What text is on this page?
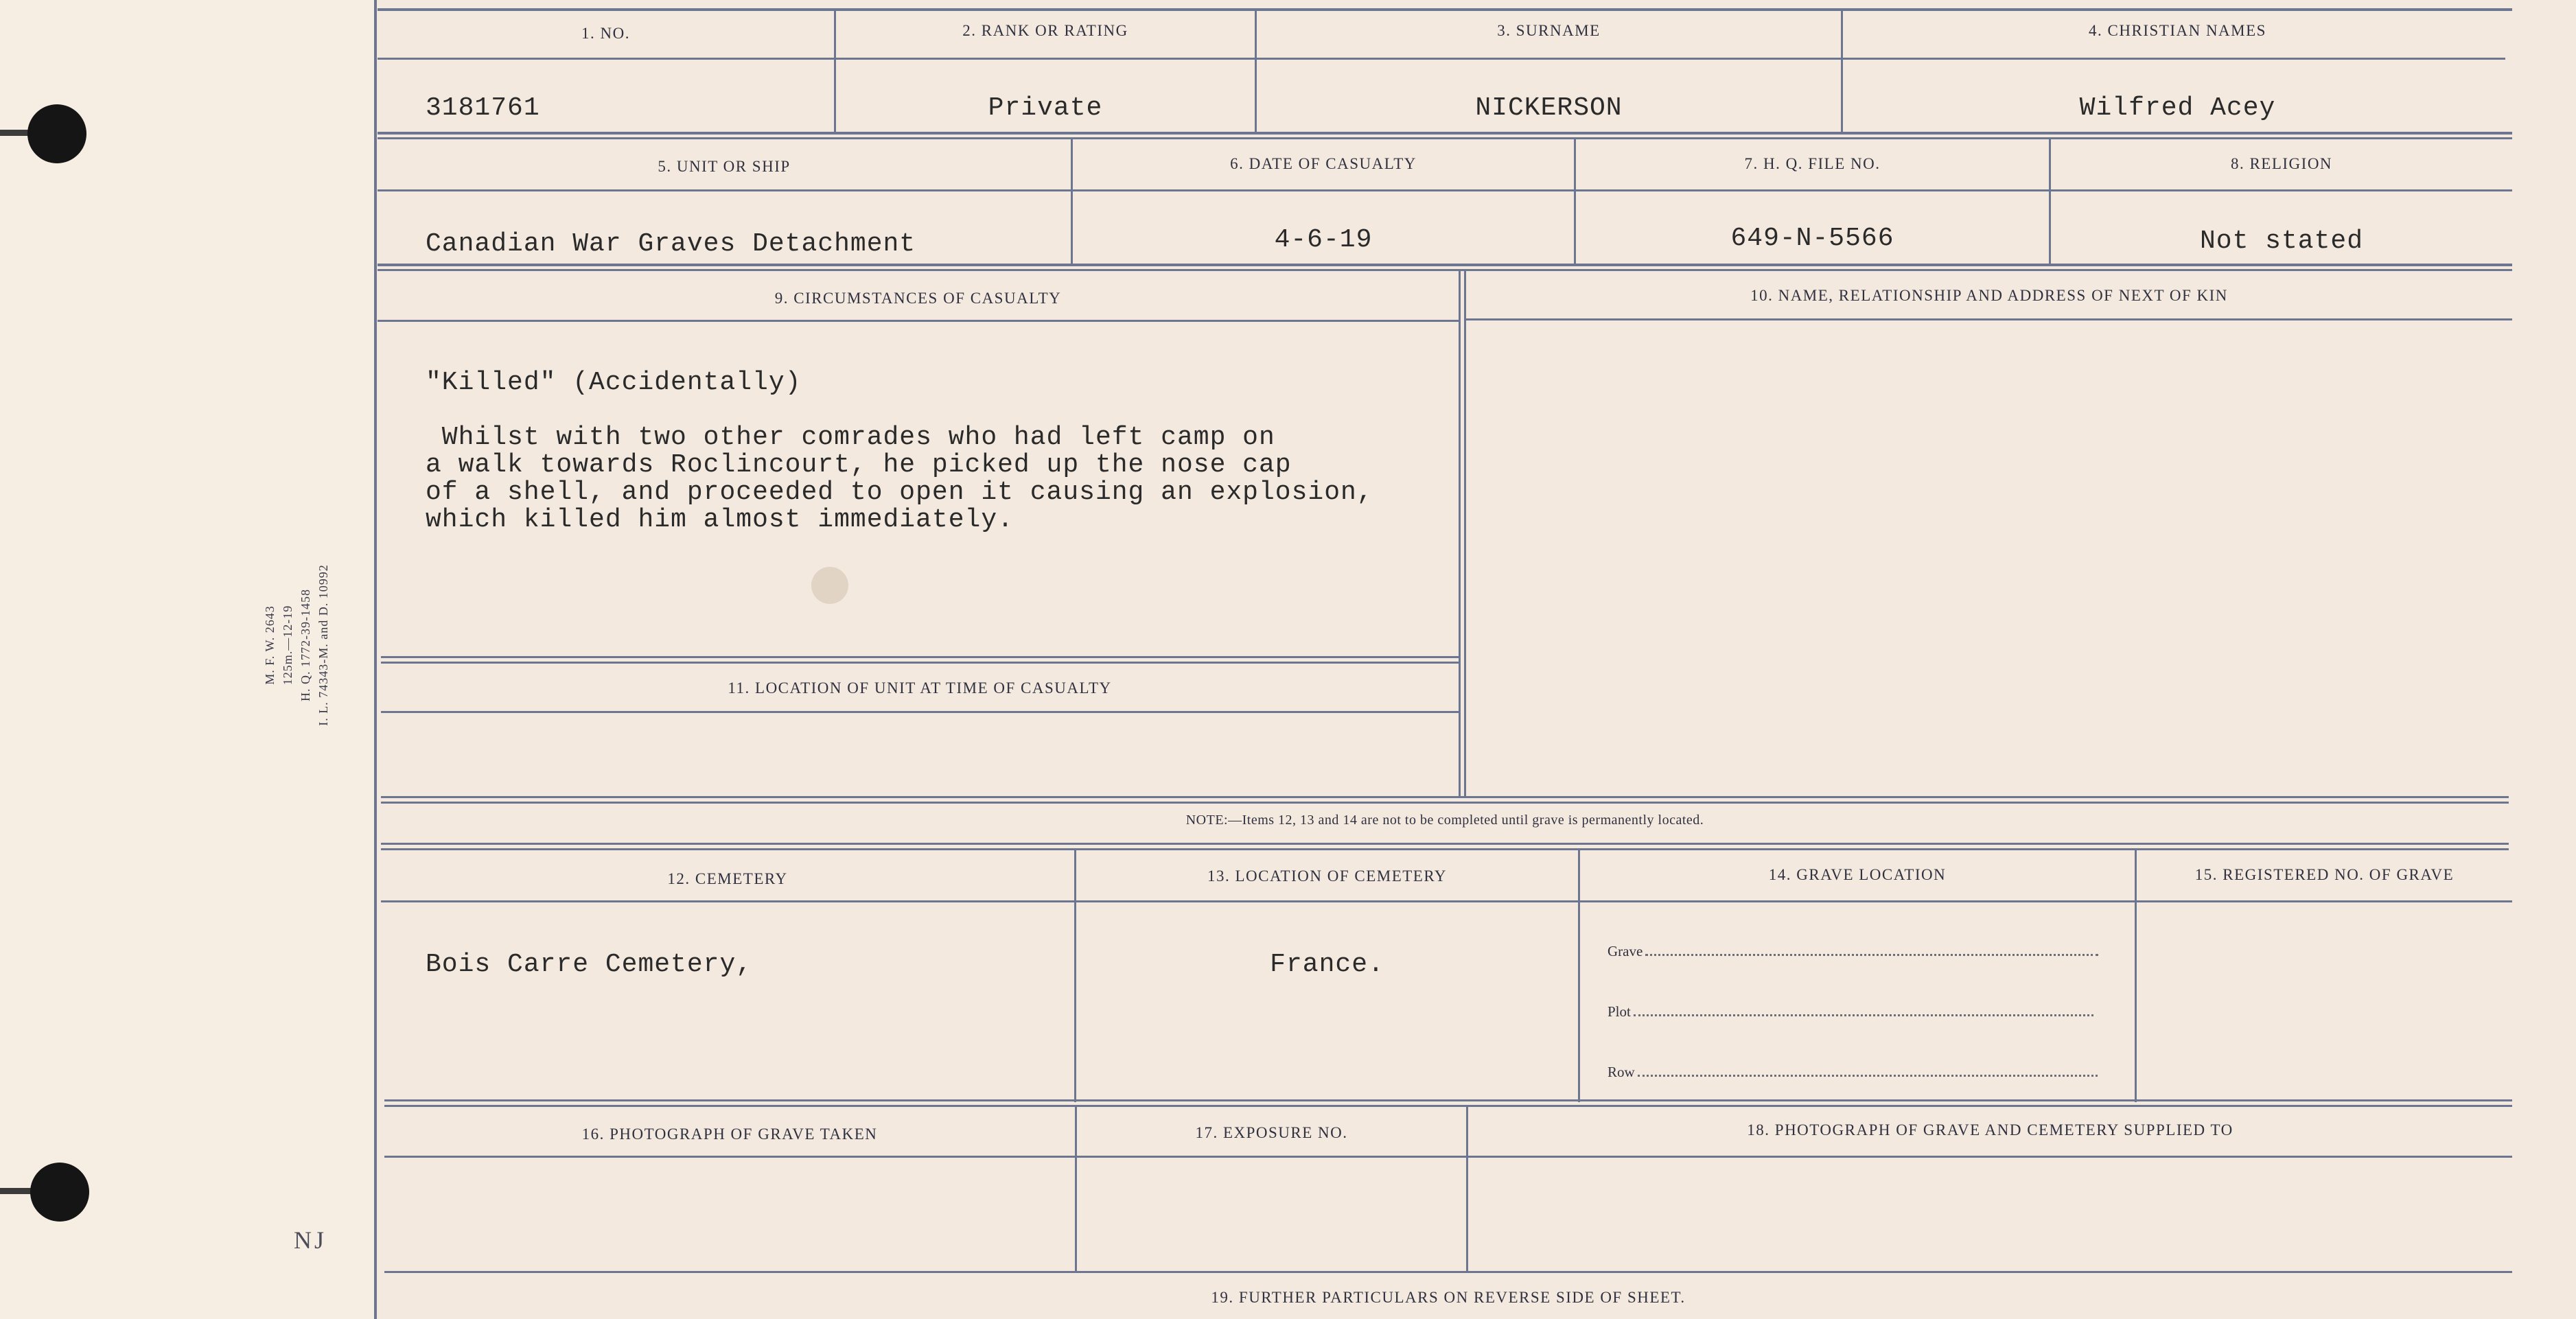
M. F. W. 2643 125m.—12-19 H. Q. 1772-39-1458 I. L. 74343-M. and D. 10992
NJ
1. NO.	2. RANK OR RATING	3. SURNAME	4. CHRISTIAN NAMES
3181761	Private	NICKERSON	Wilfred Acey
5. UNIT OR SHIP	6. DATE OF CASUALTY	7. H. Q. FILE NO.	8. RELIGION
Canadian War Graves Detachment	4-6-19	649-N-5566	Not stated
9. CIRCUMSTANCES OF CASUALTY	10. NAME, RELATIONSHIP AND ADDRESS OF NEXT OF KIN
"Killed" (Accidentally)
Whilst with two other comrades who had left camp on
a walk towards Roclincourt, he picked up the nose cap
of a shell, and proceeded to open it causing an explosion,
which killed him almost immediately.
11. LOCATION OF UNIT AT TIME OF CASUALTY
NOTE:—Items 12, 13 and 14 are not to be completed until grave is permanently located.
12. CEMETERY	13. LOCATION OF CEMETERY	14. GRAVE LOCATION	15. REGISTERED NO. OF GRAVE
Bois Carre Cemetery,	France.	Grave
Plot
Row
16. PHOTOGRAPH OF GRAVE TAKEN	17. EXPOSURE NO.	18. PHOTOGRAPH OF GRAVE AND CEMETERY SUPPLIED TO
19. FURTHER PARTICULARS ON REVERSE SIDE OF SHEET.
